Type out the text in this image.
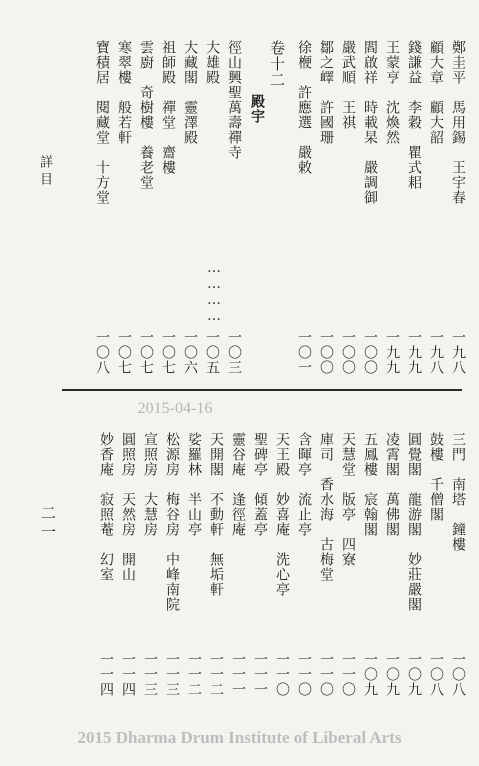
鄭圭平　馬用錫　王宇春
顧大章　顧大韶
錢謙益　李穀　瞿式耜
王蒙亨　沈煥然
閻啟祥　時載杲　嚴調御
嚴武順　王祺
鄒之嶧　許國珊
徐楩　許應選　嚴敕
卷十二
殿宇
徑山興聖萬壽禪寺
大雄殿
大藏閣　靈澤殿
祖師殿　禪堂　齋樓
雲廚　奇樹樓　養老堂
寒翠樓　般若軒
寶積居　閱藏堂　十方堂
一九八
一九八
一九九
一九九
一〇〇
一〇〇
一〇〇
一〇一
一〇三
一〇五
一〇六
一〇七
一〇七
一〇七
一〇八
…………
詳目
2015-04-16
三門　南塔　鐘樓
鼓樓　千僧閣
圓覺閣　龍游閣　妙莊嚴閣
凌霄閣　萬佛閣
五鳳樓　宸翰閣
天慧堂　版亭　四寮
庫司　香水海　古梅堂
含暉亭　流止亭
天王殿　妙喜庵　洗心亭
聖碑亭　傾蓋亭
靈谷庵　逢徑庵
天開閣　不動軒　無垢軒
娑羅林　半山亭
松源房　梅谷房　中峰南院
宣照房　大慧房
圓照房　天然房　開山
妙香庵　寂照菴　幻室
一〇八
一〇八
一〇九
一〇九
一〇九
一一〇
一一〇
一一〇
一一〇
一一一
一一一
一一二
一一二
一一三
一一三
一一四
一一四
二一
2015 Dharma Drum Institute of Liberal Arts
